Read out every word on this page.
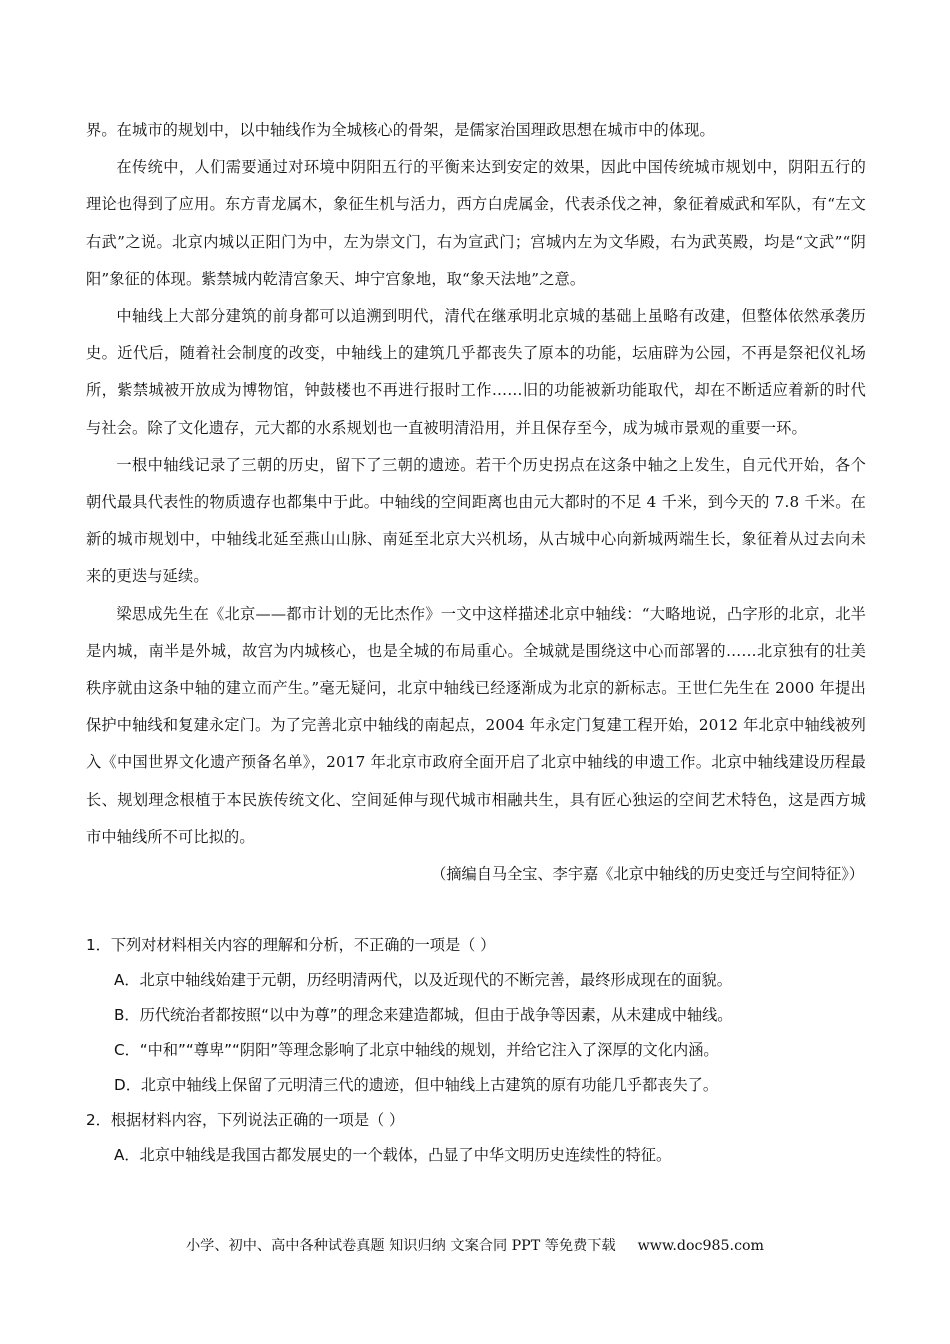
界。在城市的规划中，以中轴线作为全城核心的骨架，是儒家治国理政思想在城市中的体现。

在传统中，人们需要通过对环境中阴阳五行的平衡来达到安定的效果，因此中国传统城市规划中，阴阳五行的理论也得到了应用。东方青龙属木，象征生机与活力，西方白虎属金，代表杀伐之神，象征着威武和军队，有“左文右武”之说。北京内城以正阳门为中，左为崇文门，右为宣武门；宫城内左为文华殿，右为武英殿，均是“文武”“阴阳”象征的体现。紫禁城内乾清宫象天、坤宁宫象地，取“象天法地”之意。

中轴线上大部分建筑的前身都可以追溯到明代，清代在继承明北京城的基础上虽略有改建，但整体依然承袭历史。近代后，随着社会制度的改变，中轴线上的建筑几乎都丧失了原本的功能，坛庙辟为公园，不再是祭祀仪礼场所，紫禁城被开放成为博物馆，钟鼓楼也不再进行报时工作……旧的功能被新功能取代，却在不断适应着新的时代与社会。除了文化遗存，元大都的水系规划也一直被明清沿用，并且保存至今，成为城市景观的重要一环。

一根中轴线记录了三朝的历史，留下了三朝的遗迹。若干个历史拐点在这条中轴之上发生，自元代开始，各个朝代最具代表性的物质遗存也都集中于此。中轴线的空间距离也由元大都时的不足 4 千米，到今天的 7.8 千米。在新的城市规划中，中轴线北延至燕山山脉、南延至北京大兴机场，从古城中心向新城两端生长，象征着从过去向未来的更迭与延续。

梁思成先生在《北京——都市计划的无比杰作》一文中这样描述北京中轴线：“大略地说，凸字形的北京，北半是内城，南半是外城，故宫为内城核心，也是全城的布局重心。全城就是围绕这中心而部署的……北京独有的壮美秩序就由这条中轴的建立而产生。”毫无疑问，北京中轴线已经逐渐成为北京的新标志。王世仁先生在 2000 年提出保护中轴线和复建永定门。为了完善北京中轴线的南起点，2004 年永定门复建工程开始，2012 年北京中轴线被列入《中国世界文化遗产预备名单》，2017 年北京市政府全面开启了北京中轴线的申遗工作。北京中轴线建设历程最长、规划理念根植于本民族传统文化、空间延伸与现代城市相融共生，具有匠心独运的空间艺术特色，这是西方城市中轴线所不可比拟的。

（摘编自马全宝、李宇嘉《北京中轴线的历史变迁与空间特征》）

1．下列对材料相关内容的理解和分析，不正确的一项是（ ）

A．北京中轴线始建于元朝，历经明清两代，以及近现代的不断完善，最终形成现在的面貌。

B．历代统治者都按照“以中为尊”的理念来建造都城，但由于战争等因素，从未建成中轴线。

C．“中和”“尊卑”“阴阳”等理念影响了北京中轴线的规划，并给它注入了深厚的文化内涵。

D．北京中轴线上保留了元明清三代的遗迹，但中轴线上古建筑的原有功能几乎都丧失了。

2．根据材料内容，下列说法正确的一项是（ ）

A．北京中轴线是我国古都发展史的一个载体，凸显了中华文明历史连续性的特征。

小学、初中、高中各种试卷真题 知识归纳 文案合同 PPT 等免费下载 www.doc985.com
